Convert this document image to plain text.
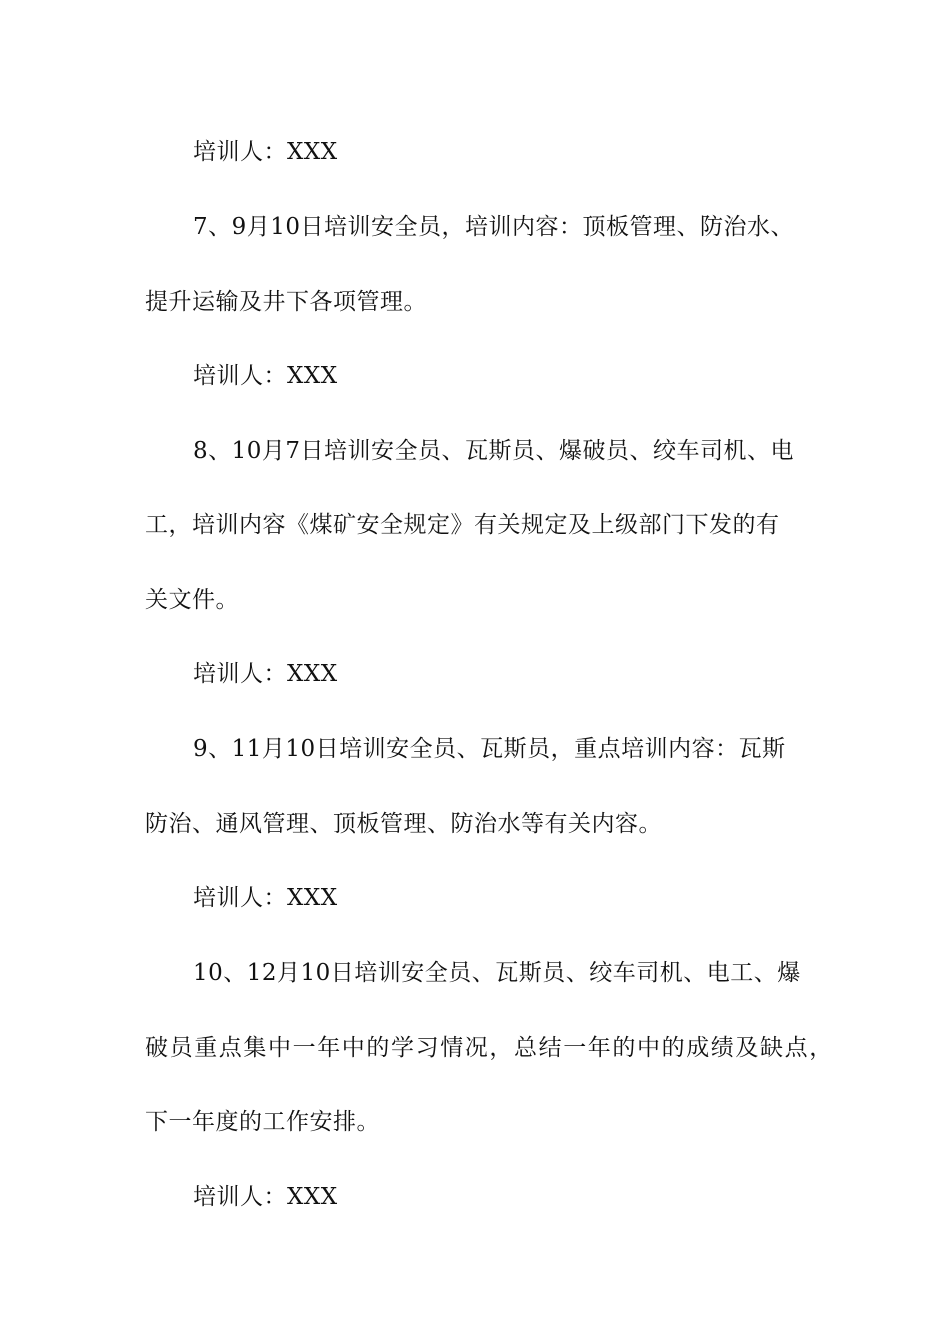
培训人：XXX
7、9月10日培训安全员，培训内容：顶板管理、防治水、
提升运输及井下各项管理。
培训人：XXX
8、10月7日培训安全员、瓦斯员、爆破员、绞车司机、电
工，培训内容《煤矿安全规定》有关规定及上级部门下发的有
关文件。
培训人：XXX
9、11月10日培训安全员、瓦斯员，重点培训内容：瓦斯
防治、通风管理、顶板管理、防治水等有关内容。
培训人：XXX
10、12月10日培训安全员、瓦斯员、绞车司机、电工、爆
破员重点集中一年中的学习情况，总结一年的中的成绩及缺点，
下一年度的工作安排。
培训人：XXX
